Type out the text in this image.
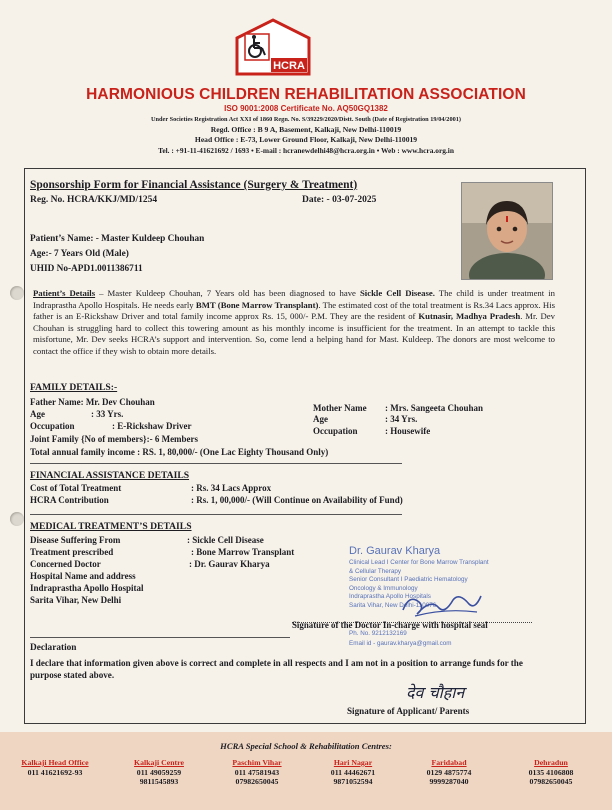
HCRA
HARMONIOUS CHILDREN REHABILITATION ASSOCIATION
ISO 9001:2008 Certificate No. AQ50GQ1382
Under Societies Registration Act XXI of 1860 Regn. No. S/39229/2020/Distt. South (Date of Registration 19/04/2001)
Regd. Office : B 9 A, Basement, Kalkaji, New Delhi-110019
Head Office : E-73, Lower Ground Floor, Kalkaji, New Delhi-110019
Tel. : +91-11-41621692 / 1693 • E-mail : hcranewdelhi48@hcra.org.in • Web : www.hcra.org.in
Sponsorship Form for Financial Assistance (Surgery & Treatment)
Reg. No. HCRA/KKJ/MD/1254	Date: - 03-07-2025
Patient’s Name: - Master Kuldeep Chouhan
Age:- 7 Years Old (Male)
UHID No-APD1.0011386711
Patient’s Details – Master Kuldeep Chouhan, 7 Years old has been diagnosed to have Sickle Cell Disease. The child is under treatment in Indraprastha Apollo Hospitals. He needs early BMT (Bone Marrow Transplant). The estimated cost of the total treatment is Rs.34 Lacs approx. His father is an E-Rickshaw Driver and total family income approx Rs. 15, 000/- P.M. They are the resident of Kutnasir, Madhya Pradesh. Mr. Dev Chouhan is struggling hard to collect this towering amount as his monthly income is insufficient for the treatment. In an attempt to tackle this misfortune, Mr. Dev seeks HCRA’s support and intervention. So, come lend a helping hand for Mast. Kuldeep. The donors are most welcome to contact the office if they wish to obtain more details.
FAMILY DETAILS:-
Father Name: Mr. Dev Chouhan
Age	: 33 Yrs.
Occupation	: E-Rickshaw Driver
Joint Family {No of members}:- 6 Members
Total annual family income : RS. 1, 80,000/- (One Lac Eighty Thousand Only)
Mother Name : Mrs. Sangeeta Chouhan
Age	: 34 Yrs.
Occupation	: Housewife
FINANCIAL ASSISTANCE DETAILS
Cost of Total Treatment	: Rs. 34 Lacs Approx
HCRA Contribution	: Rs. 1, 00,000/- (Will Continue on Availability of Fund)
MEDICAL TREATMENT’S DETAILS
Disease Suffering From	: Sickle Cell Disease
Treatment prescribed	: Bone Marrow Transplant
Concerned Doctor	: Dr. Gaurav Kharya
Hospital Name and address
Indraprastha Apollo Hospital
Sarita Vihar, New Delhi
Dr. Gaurav Kharya
Clinical Lead I Center for Bone Marrow Transplant
& Cellular Therapy
Senior Consultant I Paediatric Hematology
Oncology & Immunology
Indraprastha Apollo Hospitals
Sarita Vihar, New Delhi-110076
Signature of the Doctor In-charge with hospital seal
Ph. No. 9212132169
Email id - gaurav.kharya@gmail.com
Declaration
I declare that information given above is correct and complete in all respects and I am not in a position to arrange funds for the purpose stated above.
देव चौहान
Signature of Applicant/ Parents
HCRA Special School & Rehabilitation Centres:
Kalkaji Head Office
011 41621692-93
Kalkaji Centre
011 49059259
9811545893
Paschim Vihar
011 47581943
07982650045
Hari Nagar
011 44462671
9871052594
Faridabad
0129 4875774
9999287040
Dehradun
0135 4106808
07982650045
